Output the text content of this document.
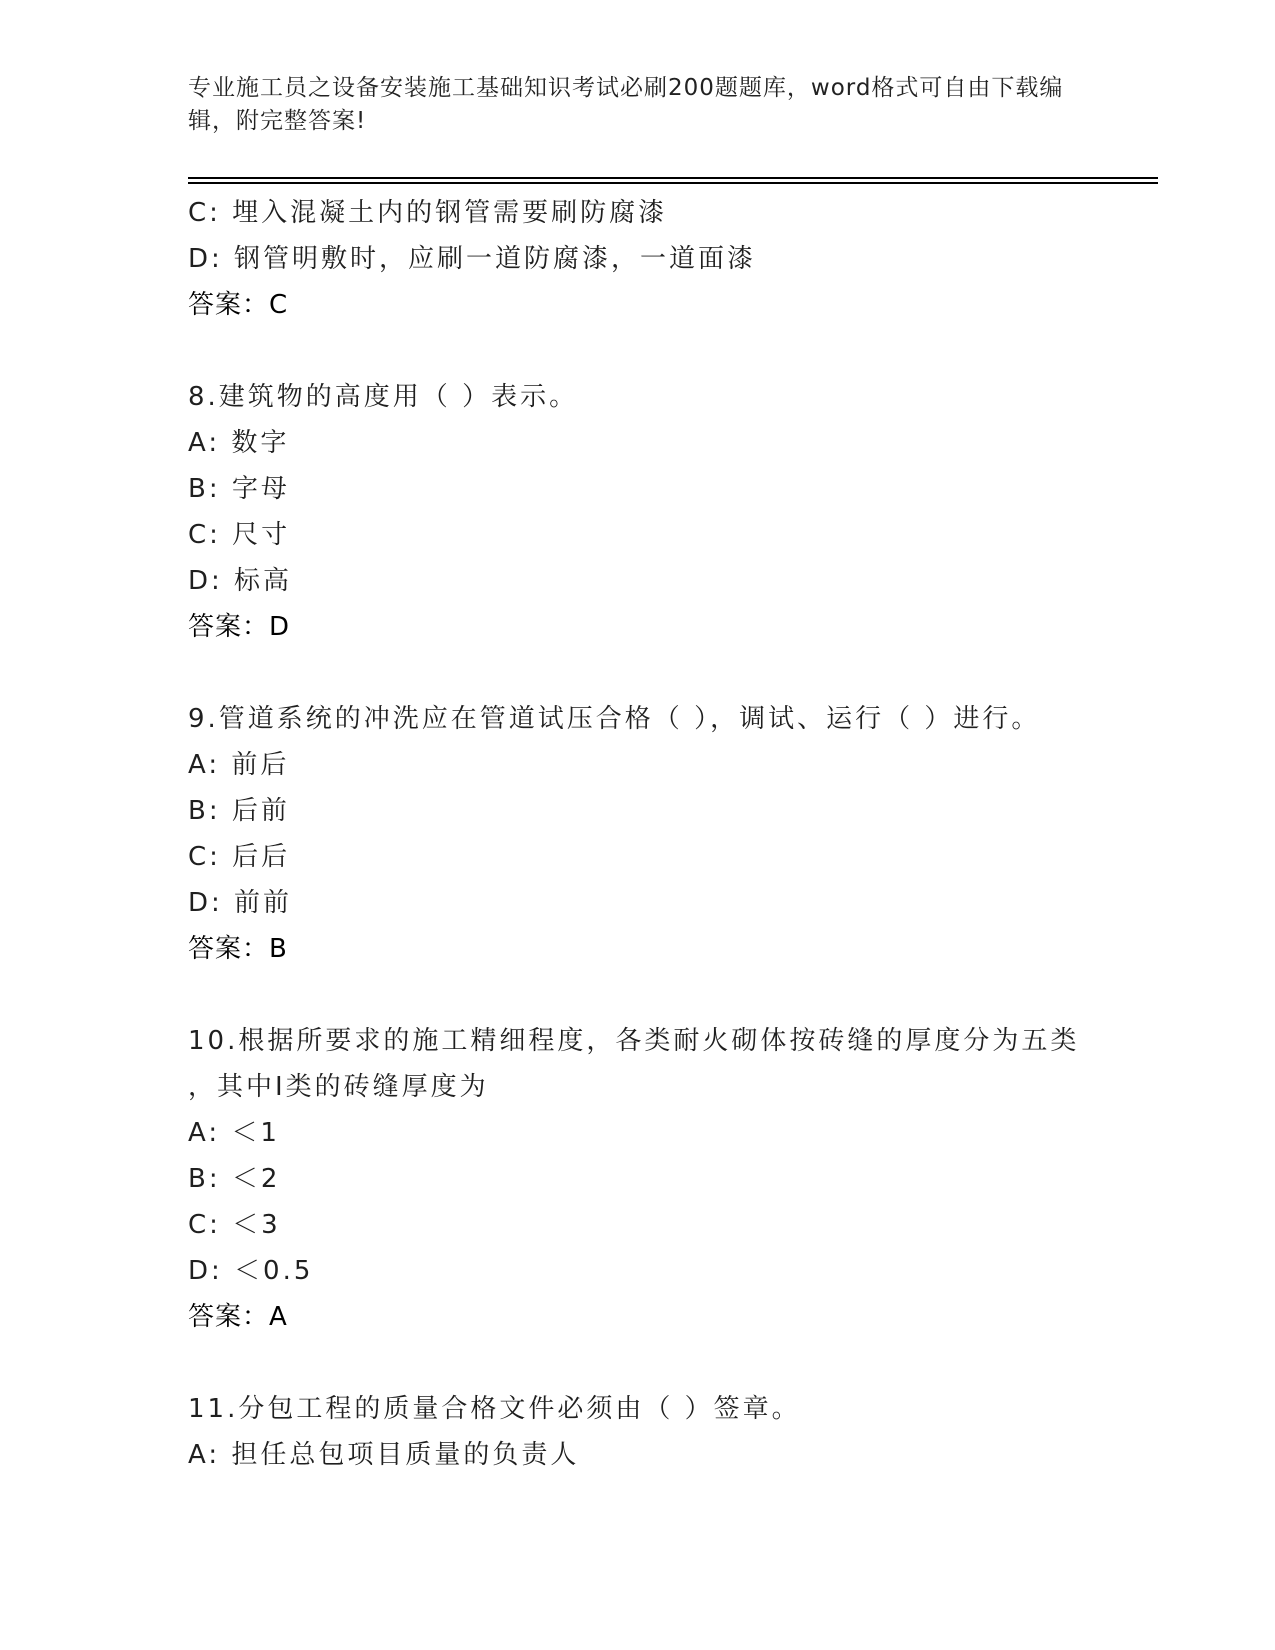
专业施工员之设备安装施工基础知识考试必刷200题题库，word格式可自由下载编辑，附完整答案!
C: 埋入混凝土内的钢管需要刷防腐漆
D: 钢管明敷时，应刷一道防腐漆，一道面漆
答案：C
8.建筑物的高度用（ ）表示。
A: 数字
B: 字母
C: 尺寸
D: 标高
答案：D
9.管道系统的冲洗应在管道试压合格（ ），调试、运行（ ）进行。
A: 前后
B: 后前
C: 后后
D: 前前
答案：B
10.根据所要求的施工精细程度，各类耐火砌体按砖缝的厚度分为五类
，其中Ⅰ类的砖缝厚度为
A: ＜1
B: ＜2
C: ＜3
D: ＜0.5
答案：A
11.分包工程的质量合格文件必须由（ ）签章。
A: 担任总包项目质量的负责人
